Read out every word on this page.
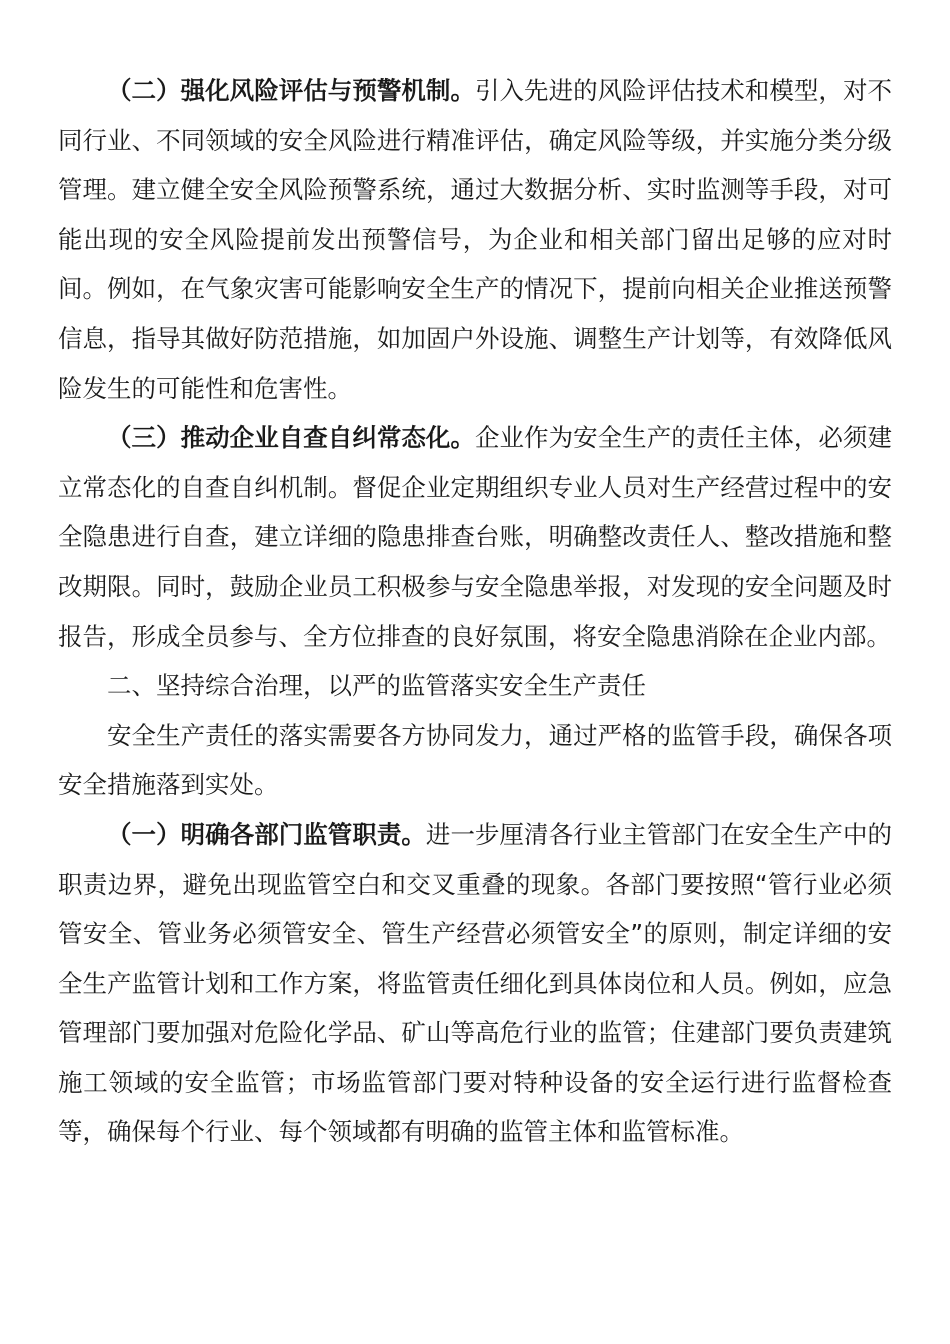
（二）强化风险评估与预警机制。引入先进的风险评估技术和模型，对不同行业、不同领域的安全风险进行精准评估，确定风险等级，并实施分类分级管理。建立健全安全风险预警系统，通过大数据分析、实时监测等手段，对可能出现的安全风险提前发出预警信号，为企业和相关部门留出足够的应对时间。例如，在气象灾害可能影响安全生产的情况下，提前向相关企业推送预警信息，指导其做好防范措施，如加固户外设施、调整生产计划等，有效降低风险发生的可能性和危害性。

（三）推动企业自查自纠常态化。企业作为安全生产的责任主体，必须建立常态化的自查自纠机制。督促企业定期组织专业人员对生产经营过程中的安全隐患进行自查，建立详细的隐患排查台账，明确整改责任人、整改措施和整改期限。同时，鼓励企业员工积极参与安全隐患举报，对发现的安全问题及时报告，形成全员参与、全方位排查的良好氛围，将安全隐患消除在企业内部。

二、坚持综合治理，以严的监管落实安全生产责任

安全生产责任的落实需要各方协同发力，通过严格的监管手段，确保各项安全措施落到实处。

（一）明确各部门监管职责。进一步厘清各行业主管部门在安全生产中的职责边界，避免出现监管空白和交叉重叠的现象。各部门要按照“管行业必须管安全、管业务必须管安全、管生产经营必须管安全”的原则，制定详细的安全生产监管计划和工作方案，将监管责任细化到具体岗位和人员。例如，应急管理部门要加强对危险化学品、矿山等高危行业的监管；住建部门要负责建筑施工领域的安全监管；市场监管部门要对特种设备的安全运行进行监督检查等，确保每个行业、每个领域都有明确的监管主体和监管标准。
